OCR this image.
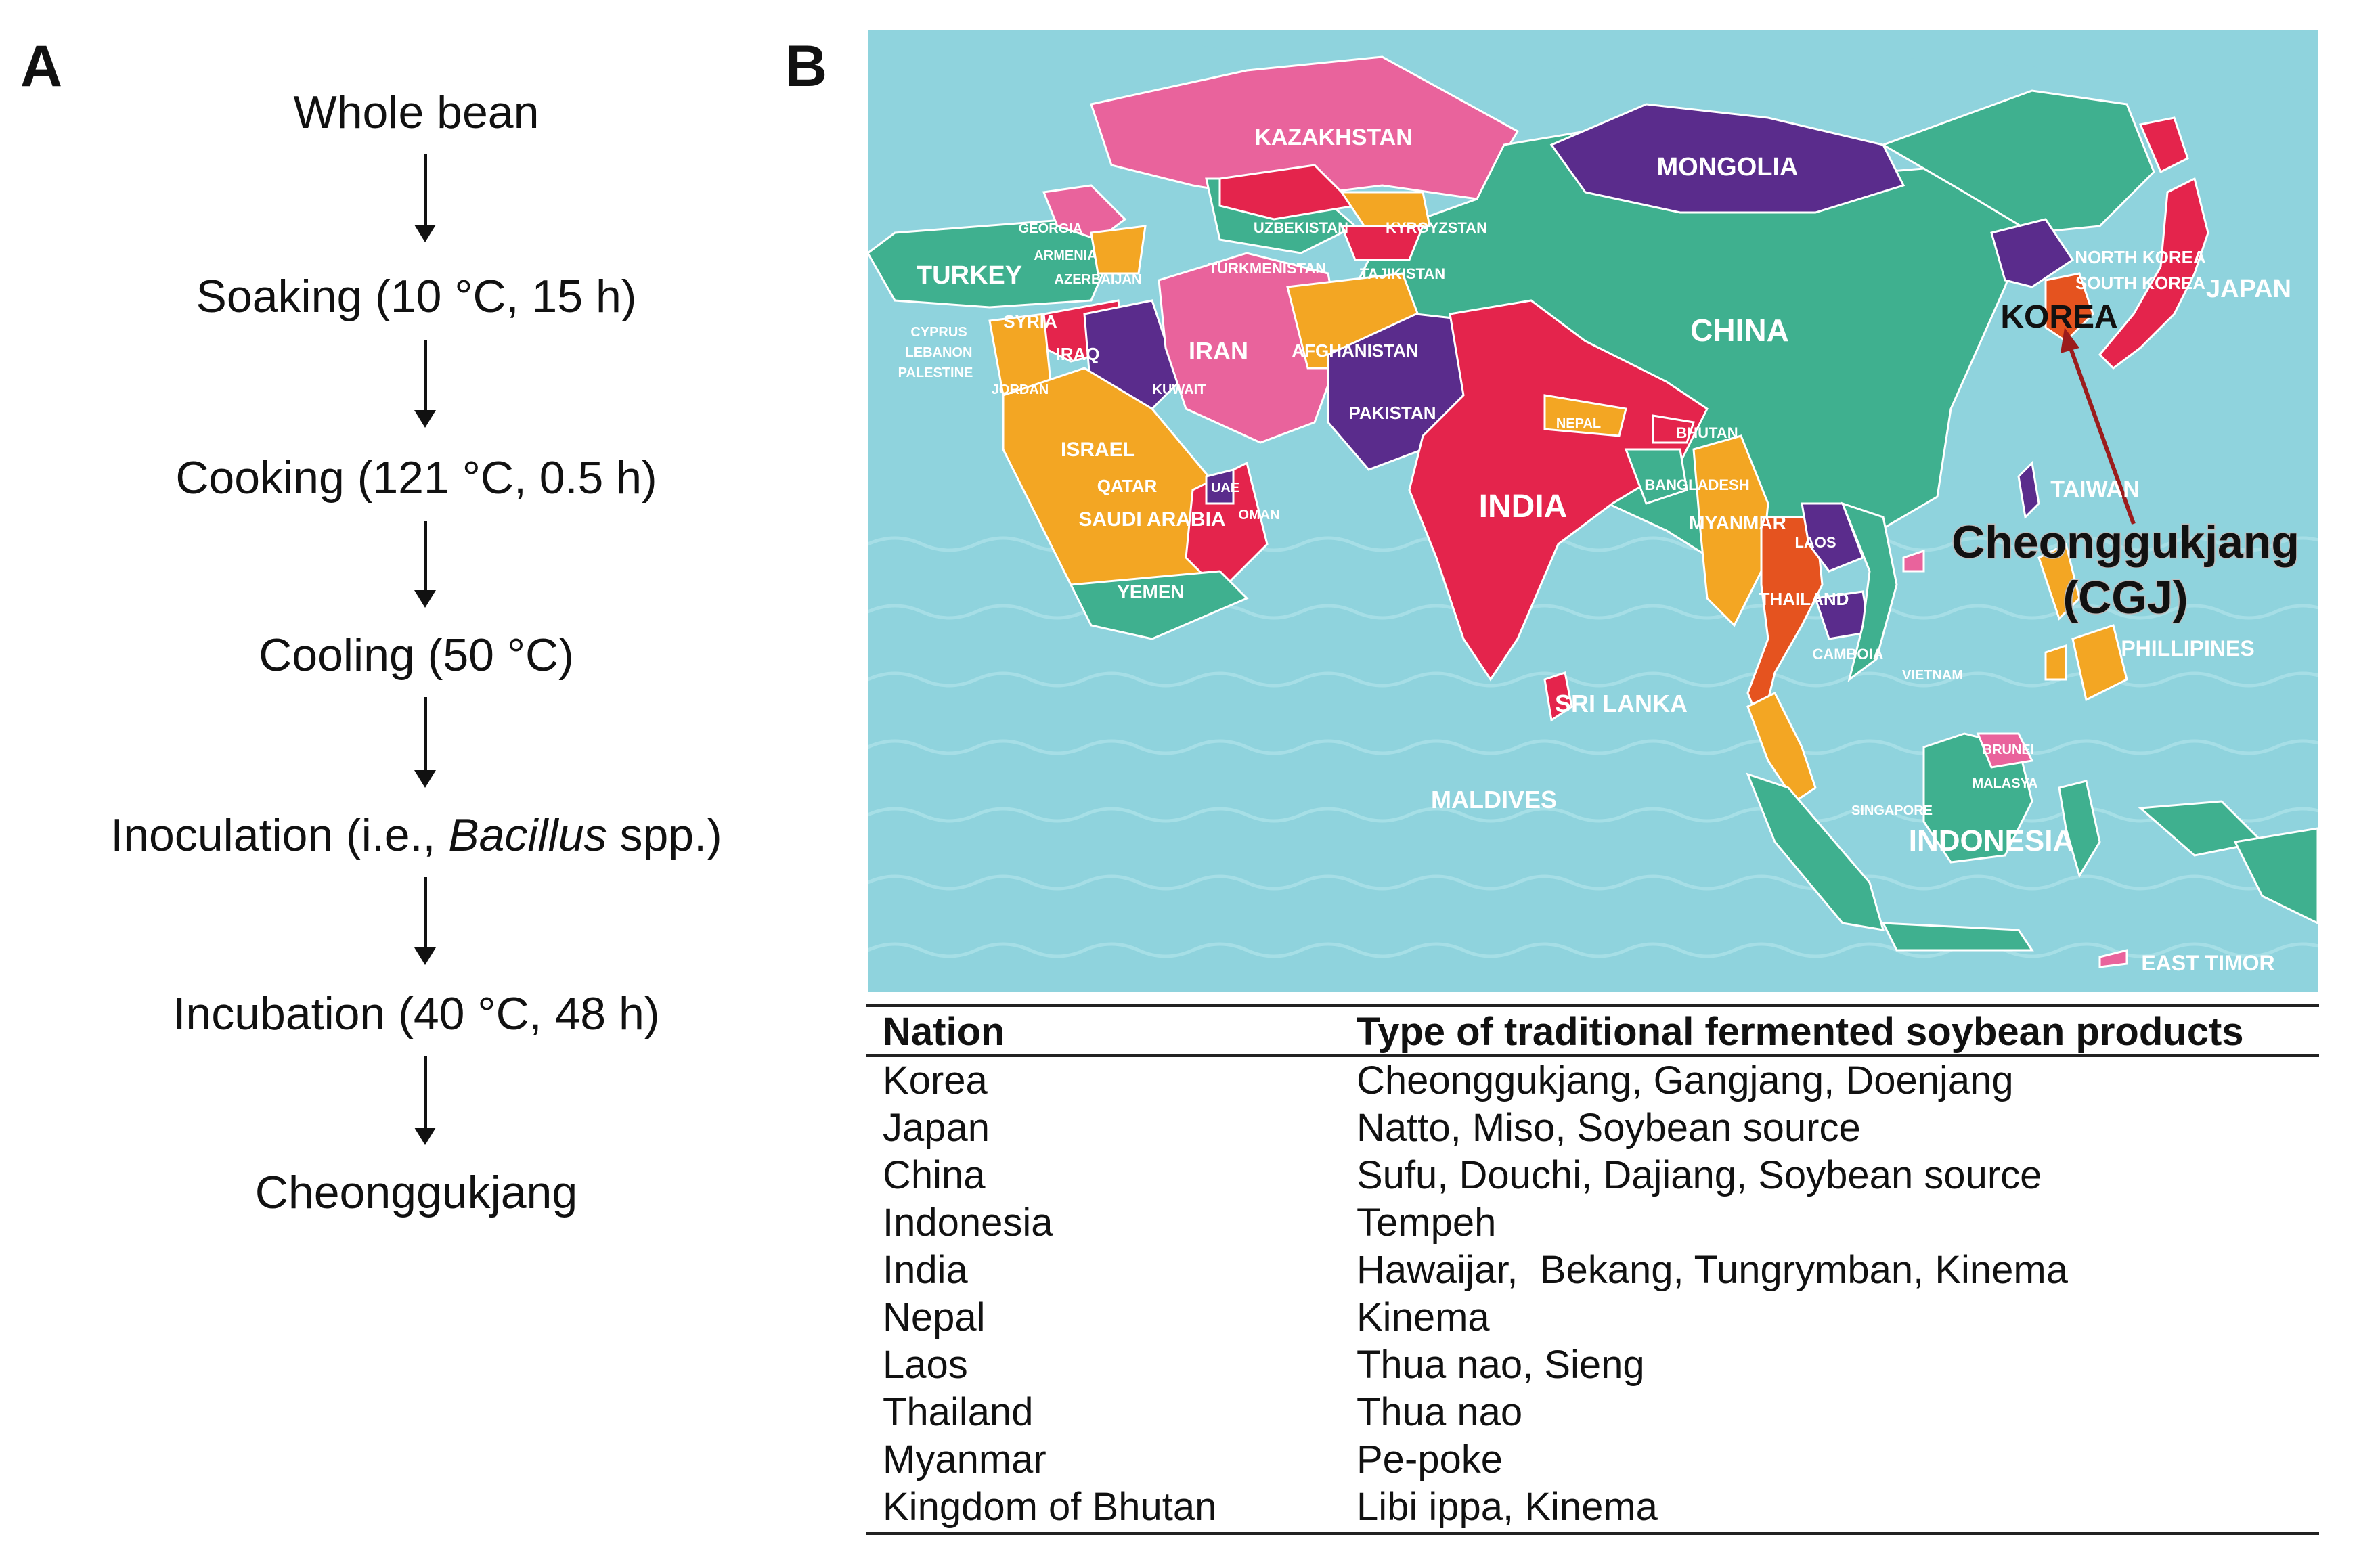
A	B
Whole bean
Soaking (10 °C, 15 h)
Cooking (121 °C, 0.5 h)
Cooling (50 °C)
Inoculation (i.e., Bacillus spp.)
Incubation (40 °C, 48 h)
Cheonggukjang
KAZAKHSTAN
MONGOLIA
CHINA
JAPAN
NORTH KOREA
SOUTH KOREA
KOREA
GEORGIA
ARMENIA
AZERBAIJAN
TURKEY
UZBEKISTAN KYRGYZSTAN
TURKMENISTAN TAJIKISTAN
CYPRUS
LEBANON
PALESTINE
SYRIA
IRAQ	IRAN AFGHANISTAN
JORDAN	KUWAIT
PAKISTAN
ISRAEL
QATAR	UAE
OMAN
SAUDI ARABIA
YEMEN
INDIA
NEPAL
BHUTAN
BANGLADESH
MYANMAR
LAOS
THAILAND
CAMBOIA
VIETNAM
TAIWAN
PHILLIPINES
SRI LANKA
MALDIVES
BRUNEI
MALASYA
SINGAPORE
INDONESIA
EAST TIMOR
Cheonggukjang
(CGJ)
Nation	Type of traditional fermented soybean products
Korea	Cheonggukjang, Gangjang, Doenjang
Japan	Natto, Miso, Soybean source
China	Sufu, Douchi, Dajiang, Soybean source
Indonesia	Tempeh
India	Hawaijar,  Bekang, Tungrymban, Kinema
Nepal	Kinema
Laos	Thua nao, Sieng
Thailand	Thua nao
Myanmar	Pe-poke
Kingdom of Bhutan	Libi ippa, Kinema
